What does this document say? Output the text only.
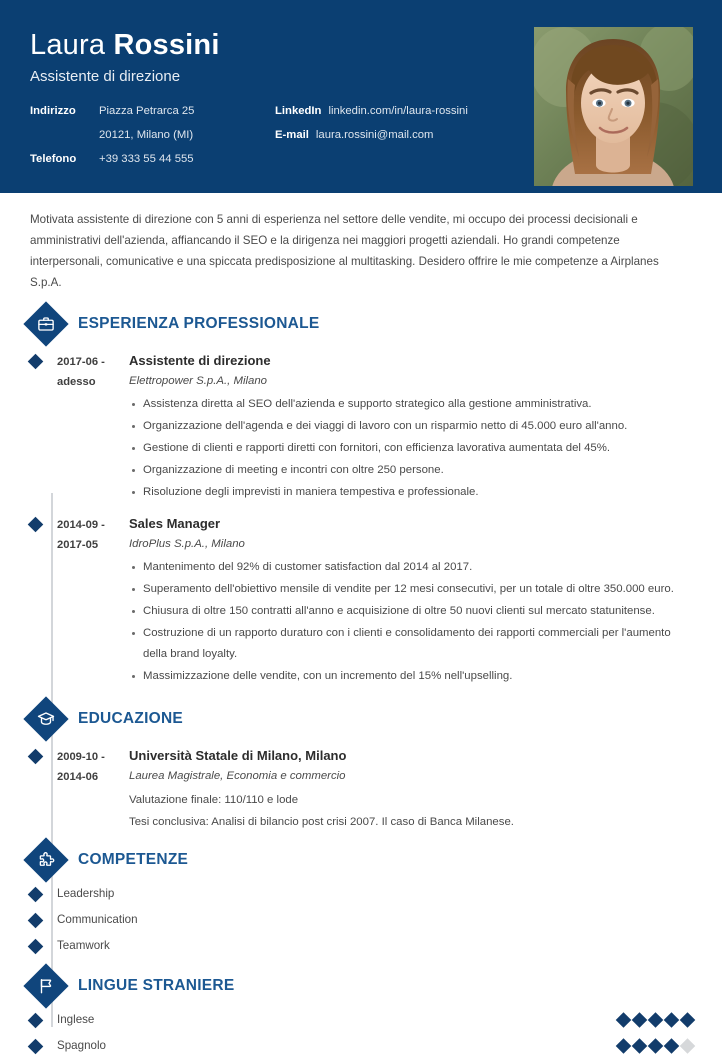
Laura Rossini
Assistente di direzione
Indirizzo	Piazza Petrarca 25
20121, Milano (MI)
Telefono	+39 333 55 44 555
LinkedIn linkedin.com/in/laura-rossini
E-mail laura.rossini@mail.com

Motivata assistente di direzione con 5 anni di esperienza nel settore delle vendite, mi occupo dei processi decisionali e amministrativi dell'azienda, affiancando il SEO e la dirigenza nei maggiori progetti aziendali. Ho grandi competenze interpersonali, comunicative e una spiccata predisposizione al multitasking. Desidero offrire le mie competenze a Airplanes S.p.A.

ESPERIENZA PROFESSIONALE
2017-06 -
adesso
Assistente di direzione
Elettropower S.p.A., Milano
Assistenza diretta al SEO dell'azienda e supporto strategico alla gestione amministrativa.
Organizzazione dell'agenda e dei viaggi di lavoro con un risparmio netto di 45.000 euro all'anno.
Gestione di clienti e rapporti diretti con fornitori, con efficienza lavorativa aumentata del 45%.
Organizzazione di meeting e incontri con oltre 250 persone.
Risoluzione degli imprevisti in maniera tempestiva e professionale.
2014-09 -
2017-05
Sales Manager
IdroPlus S.p.A., Milano
Mantenimento del 92% di customer satisfaction dal 2014 al 2017.
Superamento dell'obiettivo mensile di vendite per 12 mesi consecutivi, per un totale di oltre 350.000 euro.
Chiusura di oltre 150 contratti all'anno e acquisizione di oltre 50 nuovi clienti sul mercato statunitense.
Costruzione di un rapporto duraturo con i clienti e consolidamento dei rapporti commerciali per l'aumento della brand loyalty.
Massimizzazione delle vendite, con un incremento del 15% nell'upselling.
EDUCAZIONE
2009-10 -
2014-06
Università Statale di Milano, Milano
Laurea Magistrale, Economia e commercio
Valutazione finale: 110/110 e lode
Tesi conclusiva: Analisi di bilancio post crisi 2007. Il caso di Banca Milanese.
COMPETENZE
Leadership
Communication
Teamwork
LINGUE STRANIERE
Inglese
Spagnolo
